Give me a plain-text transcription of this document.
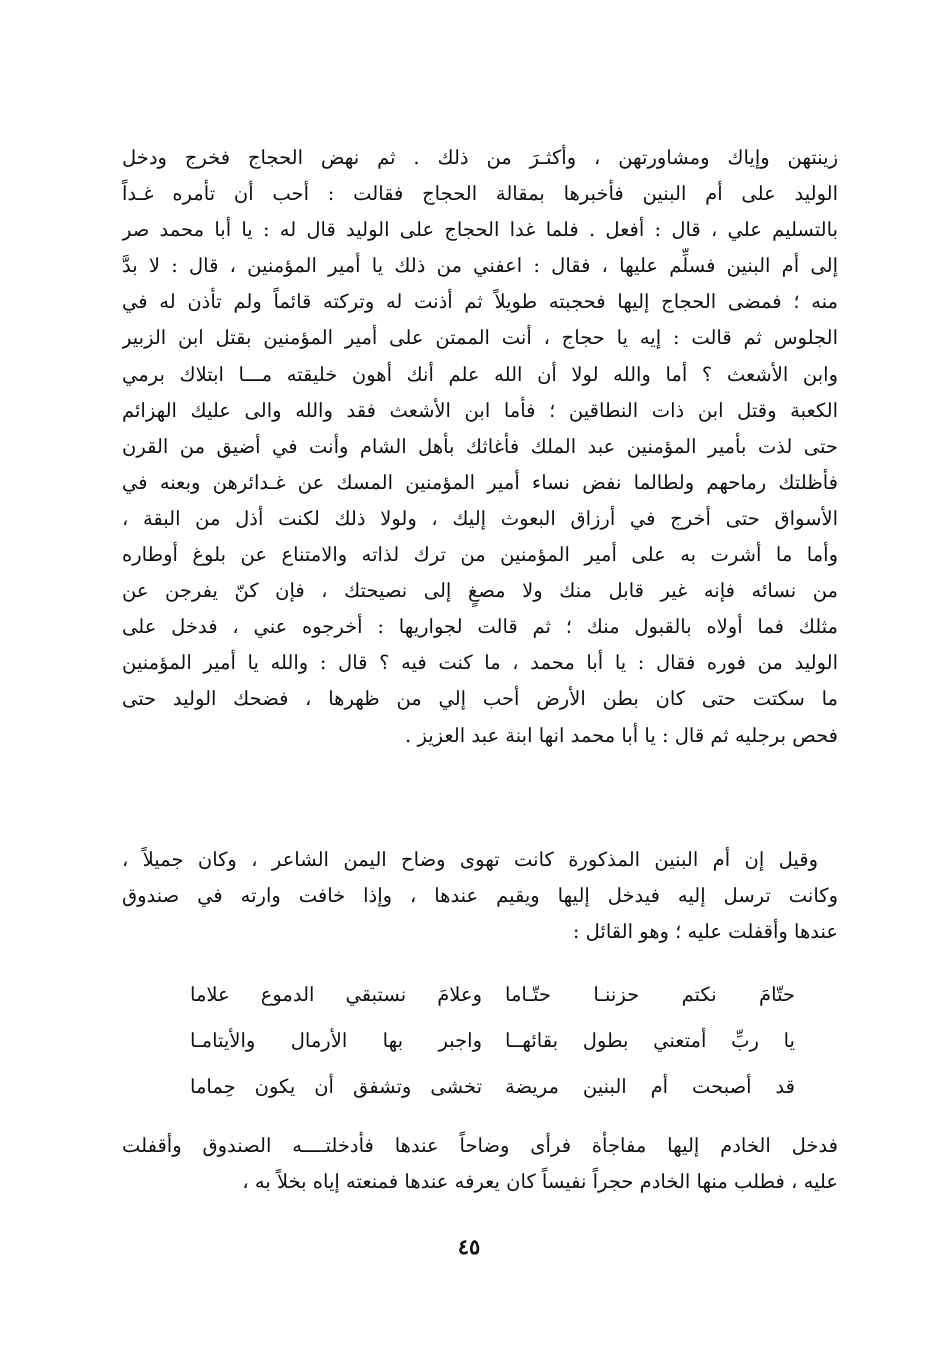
زينتهن وإياك ومشاورتهن ، وأكثـرَ من ذلك . ثم نهض الحجاج فخرج ودخل
الوليد على أم البنين فأخبرها بمقالة الحجاج فقالت : أحب أن تأمره غـداً
بالتسليم علي ، قال : أفعل . فلما غدا الحجاج على الوليد قال له : يا أبا محمد صر
إلى أم البنين فسلِّم عليها ، فقال : اعفني من ذلك يا أمير المؤمنين ، قال : لا بدَّ
منه ؛ فمضى الحجاج إليها فحجبته طويلاً ثم أذنت له وتركته قائماً ولم تأذن له في
الجلوس ثم قالت : إيه يا حجاج ، أنت الممتن على أمير المؤمنين بقتل ابن الزبير
وابن الأشعث ؟ أما والله لولا أن الله علم أنك أهون خليقته مـــا ابتلاك برمي
الكعبة وقتل ابن ذات النطاقين ؛ فأما ابن الأشعث فقد والله والى عليك الهزائم
حتى لذت بأمير المؤمنين عبد الملك فأغاثك بأهل الشام وأنت في أضيق من القرن
فأظلتك رماحهم ولطالما نفض نساء أمير المؤمنين المسك عن غـدائرهن وبعنه في
الأسواق حتى أخرج في أرزاق البعوث إليك ، ولولا ذلك لكنت أذل من البقة ،
وأما ما أشرت به على أمير المؤمنين من ترك لذاته والامتناع عن بلوغ أوطاره
من نسائه فإنه غير قابل منك ولا مصغٍ إلى نصيحتك ، فإن كنّ يفرجن عن
مثلك فما أولاه بالقبول منك ؛ ثم قالت لجواريها : أخرجوه عني ، فدخل على
الوليد من فوره فقال : يا أبا محمد ، ما كنت فيه ؟ قال : والله يا أمير المؤمنين
ما سكتت حتى كان بطن الأرض أحب إلي من ظهرها ، فضحك الوليد حتى
فحص برجليه ثم قال : يا أبا محمد انها ابنة عبد العزيز .
وقيل إن أم البنين المذكورة كانت تهوى وضاح اليمن الشاعر ، وكان جميلاً ،
وكانت ترسل إليه فيدخل إليها ويقيم عندها ، وإذا خافت وارته في صندوق
عندها وأقفلت عليه ؛ وهو القائل :
حتّامَ نكتم حزننـا حتّـاما
وعلامَ نستبقي الدموع علاما
يا ربِّ أمتعني بطول بقائهــا
واجبر بها الأرمال والأيتامـا
قد أصبحت أم البنين مريضة
تخشى وتشفق أن يكون حِماما
فدخل الخادم إليها مفاجأة فرأى وضاحاً عندها فأدخلتــــه الصندوق وأقفلت
عليه ، فطلب منها الخادم حجراً نفيساً كان يعرفه عندها فمنعته إياه بخلاً به ،
٤٥
